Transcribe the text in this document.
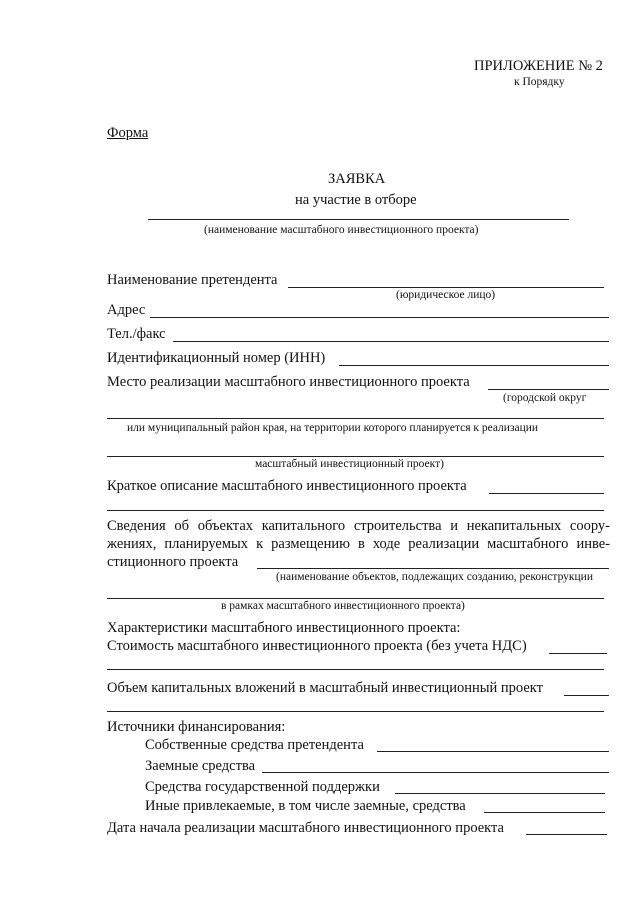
ПРИЛОЖЕНИЕ № 2
к Порядку
Форма
ЗАЯВКА
на участие в отборе
(наименование масштабного инвестиционного проекта)
Наименование претендента
(юридическое лицо)
Адрес
Тел./факс
Идентификационный номер (ИНН)
Место реализации масштабного инвестиционного проекта
(городской округ
или муниципальный район края, на территории которого планируется к реализации
масштабный инвестиционный проект)
Краткое описание масштабного инвестиционного проекта
Сведения об объектах капитального строительства и некапитальных соору-
жениях, планируемых к размещению в ходе реализации масштабного инве-
стиционного проекта
(наименование объектов, подлежащих созданию, реконструкции
в рамках масштабного инвестиционного проекта)
Характеристики масштабного инвестиционного проекта:
Стоимость масштабного инвестиционного проекта (без учета НДС)
Объем капитальных вложений в масштабный инвестиционный проект
Источники финансирования:
Собственные средства претендента
Заемные средства
Средства государственной поддержки
Иные привлекаемые, в том числе заемные, средства
Дата начала реализации масштабного инвестиционного проекта
